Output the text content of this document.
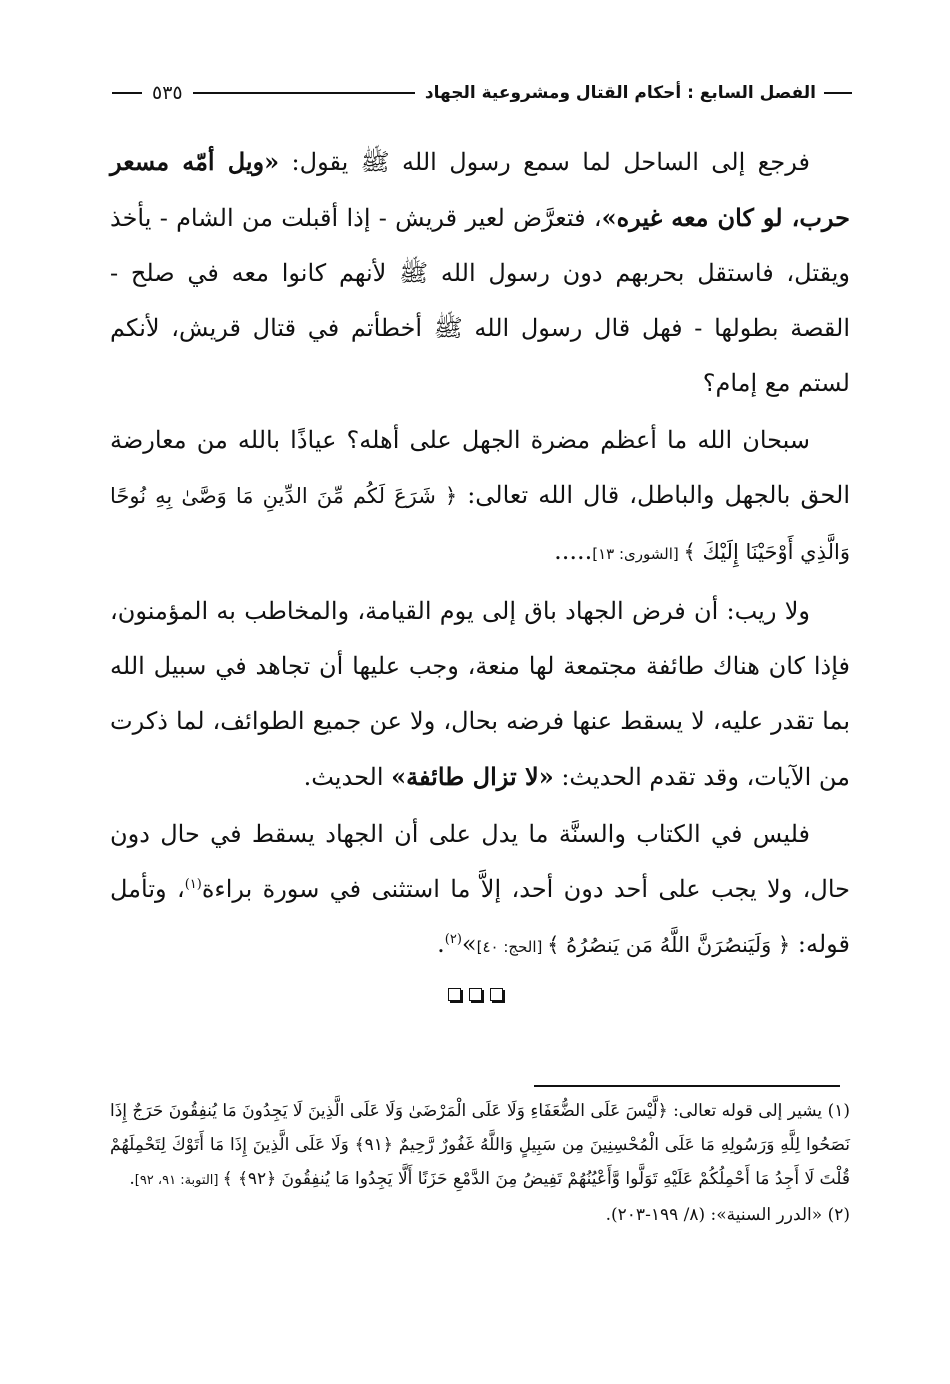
الفصل السابع : أحكام القتال ومشروعية الجهاد
٥٣٥

فرجع إلى الساحل لما سمع رسول الله ﷺ يقول: «ويل أمّه مسعر حرب، لو كان معه غيره»، فتعرَّض لعير قريش - إذا أقبلت من الشام - يأخذ ويقتل، فاستقل بحربهم دون رسول الله ﷺ لأنهم كانوا معه في صلح - القصة بطولها - فهل قال رسول الله ﷺ أخطأتم في قتال قريش، لأنكم لستم مع إمام؟

سبحان الله ما أعظم مضرة الجهل على أهله؟ عياذًا بالله من معارضة الحق بالجهل والباطل، قال الله تعالى: ﴿ شَرَعَ لَكُم مِّنَ الدِّينِ مَا وَصَّىٰ بِهِ نُوحًا وَالَّذِي أَوْحَيْنَا إِلَيْكَ ﴾ [الشورى: ١٣].....

ولا ريب: أن فرض الجهاد باق إلى يوم القيامة، والمخاطب به المؤمنون، فإذا كان هناك طائفة مجتمعة لها منعة، وجب عليها أن تجاهد في سبيل الله بما تقدر عليه، لا يسقط عنها فرضه بحال، ولا عن جميع الطوائف، لما ذكرت من الآيات، وقد تقدم الحديث: «لا تزال طائفة» الحديث.

فليس في الكتاب والسنَّة ما يدل على أن الجهاد يسقط في حال دون حال، ولا يجب على أحد دون أحد، إلاَّ ما استثنى في سورة براءة$^{(١)}$، وتأمل قوله: ﴿ وَلَيَنصُرَنَّ اللَّهُ مَن يَنصُرُهُ ﴾ [الحج: ٤٠]»$^{(٢)}$.

(١) يشير إلى قوله تعالى: ﴿لَّيْسَ عَلَى الضُّعَفَاءِ وَلَا عَلَى الْمَرْضَىٰ وَلَا عَلَى الَّذِينَ لَا يَجِدُونَ مَا يُنفِقُونَ حَرَجٌ إِذَا نَصَحُوا لِلَّهِ وَرَسُولِهِ مَا عَلَى الْمُحْسِنِينَ مِن سَبِيلٍ وَاللَّهُ غَفُورٌ رَّحِيمٌ ﴿٩١﴾ وَلَا عَلَى الَّذِينَ إِذَا مَا أَتَوْكَ لِتَحْمِلَهُمْ قُلْتَ لَا أَجِدُ مَا أَحْمِلُكُمْ عَلَيْهِ تَوَلَّوا وَّأَعْيُنُهُمْ تَفِيضُ مِنَ الدَّمْعِ حَزَنًا أَلَّا يَجِدُوا مَا يُنفِقُونَ ﴿٩٢﴾ ﴾ [التوبة: ٩١، ٩٢].

(٢) «الدرر السنية»: (٨/ ١٩٩-٢٠٣).
